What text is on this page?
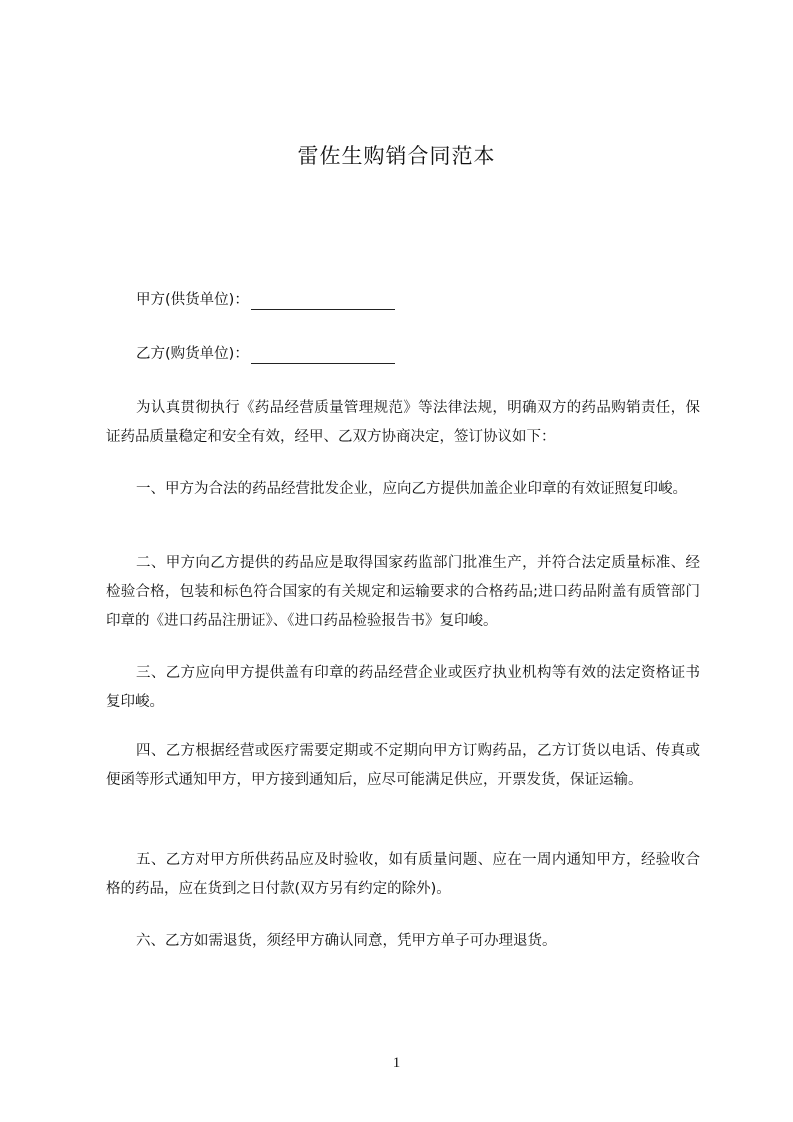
雷佐生购销合同范本
甲方(供货单位)：
乙方(购货单位)：
为认真贯彻执行《药品经营质量管理规范》等法律法规，明确双方的药品购销责任，保证药品质量稳定和安全有效，经甲、乙双方协商决定，签订协议如下：
一、甲方为合法的药品经营批发企业，应向乙方提供加盖企业印章的有效证照复印峻。
二、甲方向乙方提供的药品应是取得国家药监部门批准生产，并符合法定质量标准、经检验合格，包装和标色符合国家的有关规定和运输要求的合格药品;进口药品附盖有质管部门印章的《进口药品注册证》、《进口药品检验报告书》复印峻。
三、乙方应向甲方提供盖有印章的药品经营企业或医疗执业机构等有效的法定资格证书复印峻。
四、乙方根据经营或医疗需要定期或不定期向甲方订购药品，乙方订货以电话、传真或便函等形式通知甲方，甲方接到通知后，应尽可能满足供应，开票发货，保证运输。
五、乙方对甲方所供药品应及时验收，如有质量问题、应在一周内通知甲方，经验收合格的药品，应在货到之日付款(双方另有约定的除外)。
六、乙方如需退货，须经甲方确认同意，凭甲方单子可办理退货。
1
